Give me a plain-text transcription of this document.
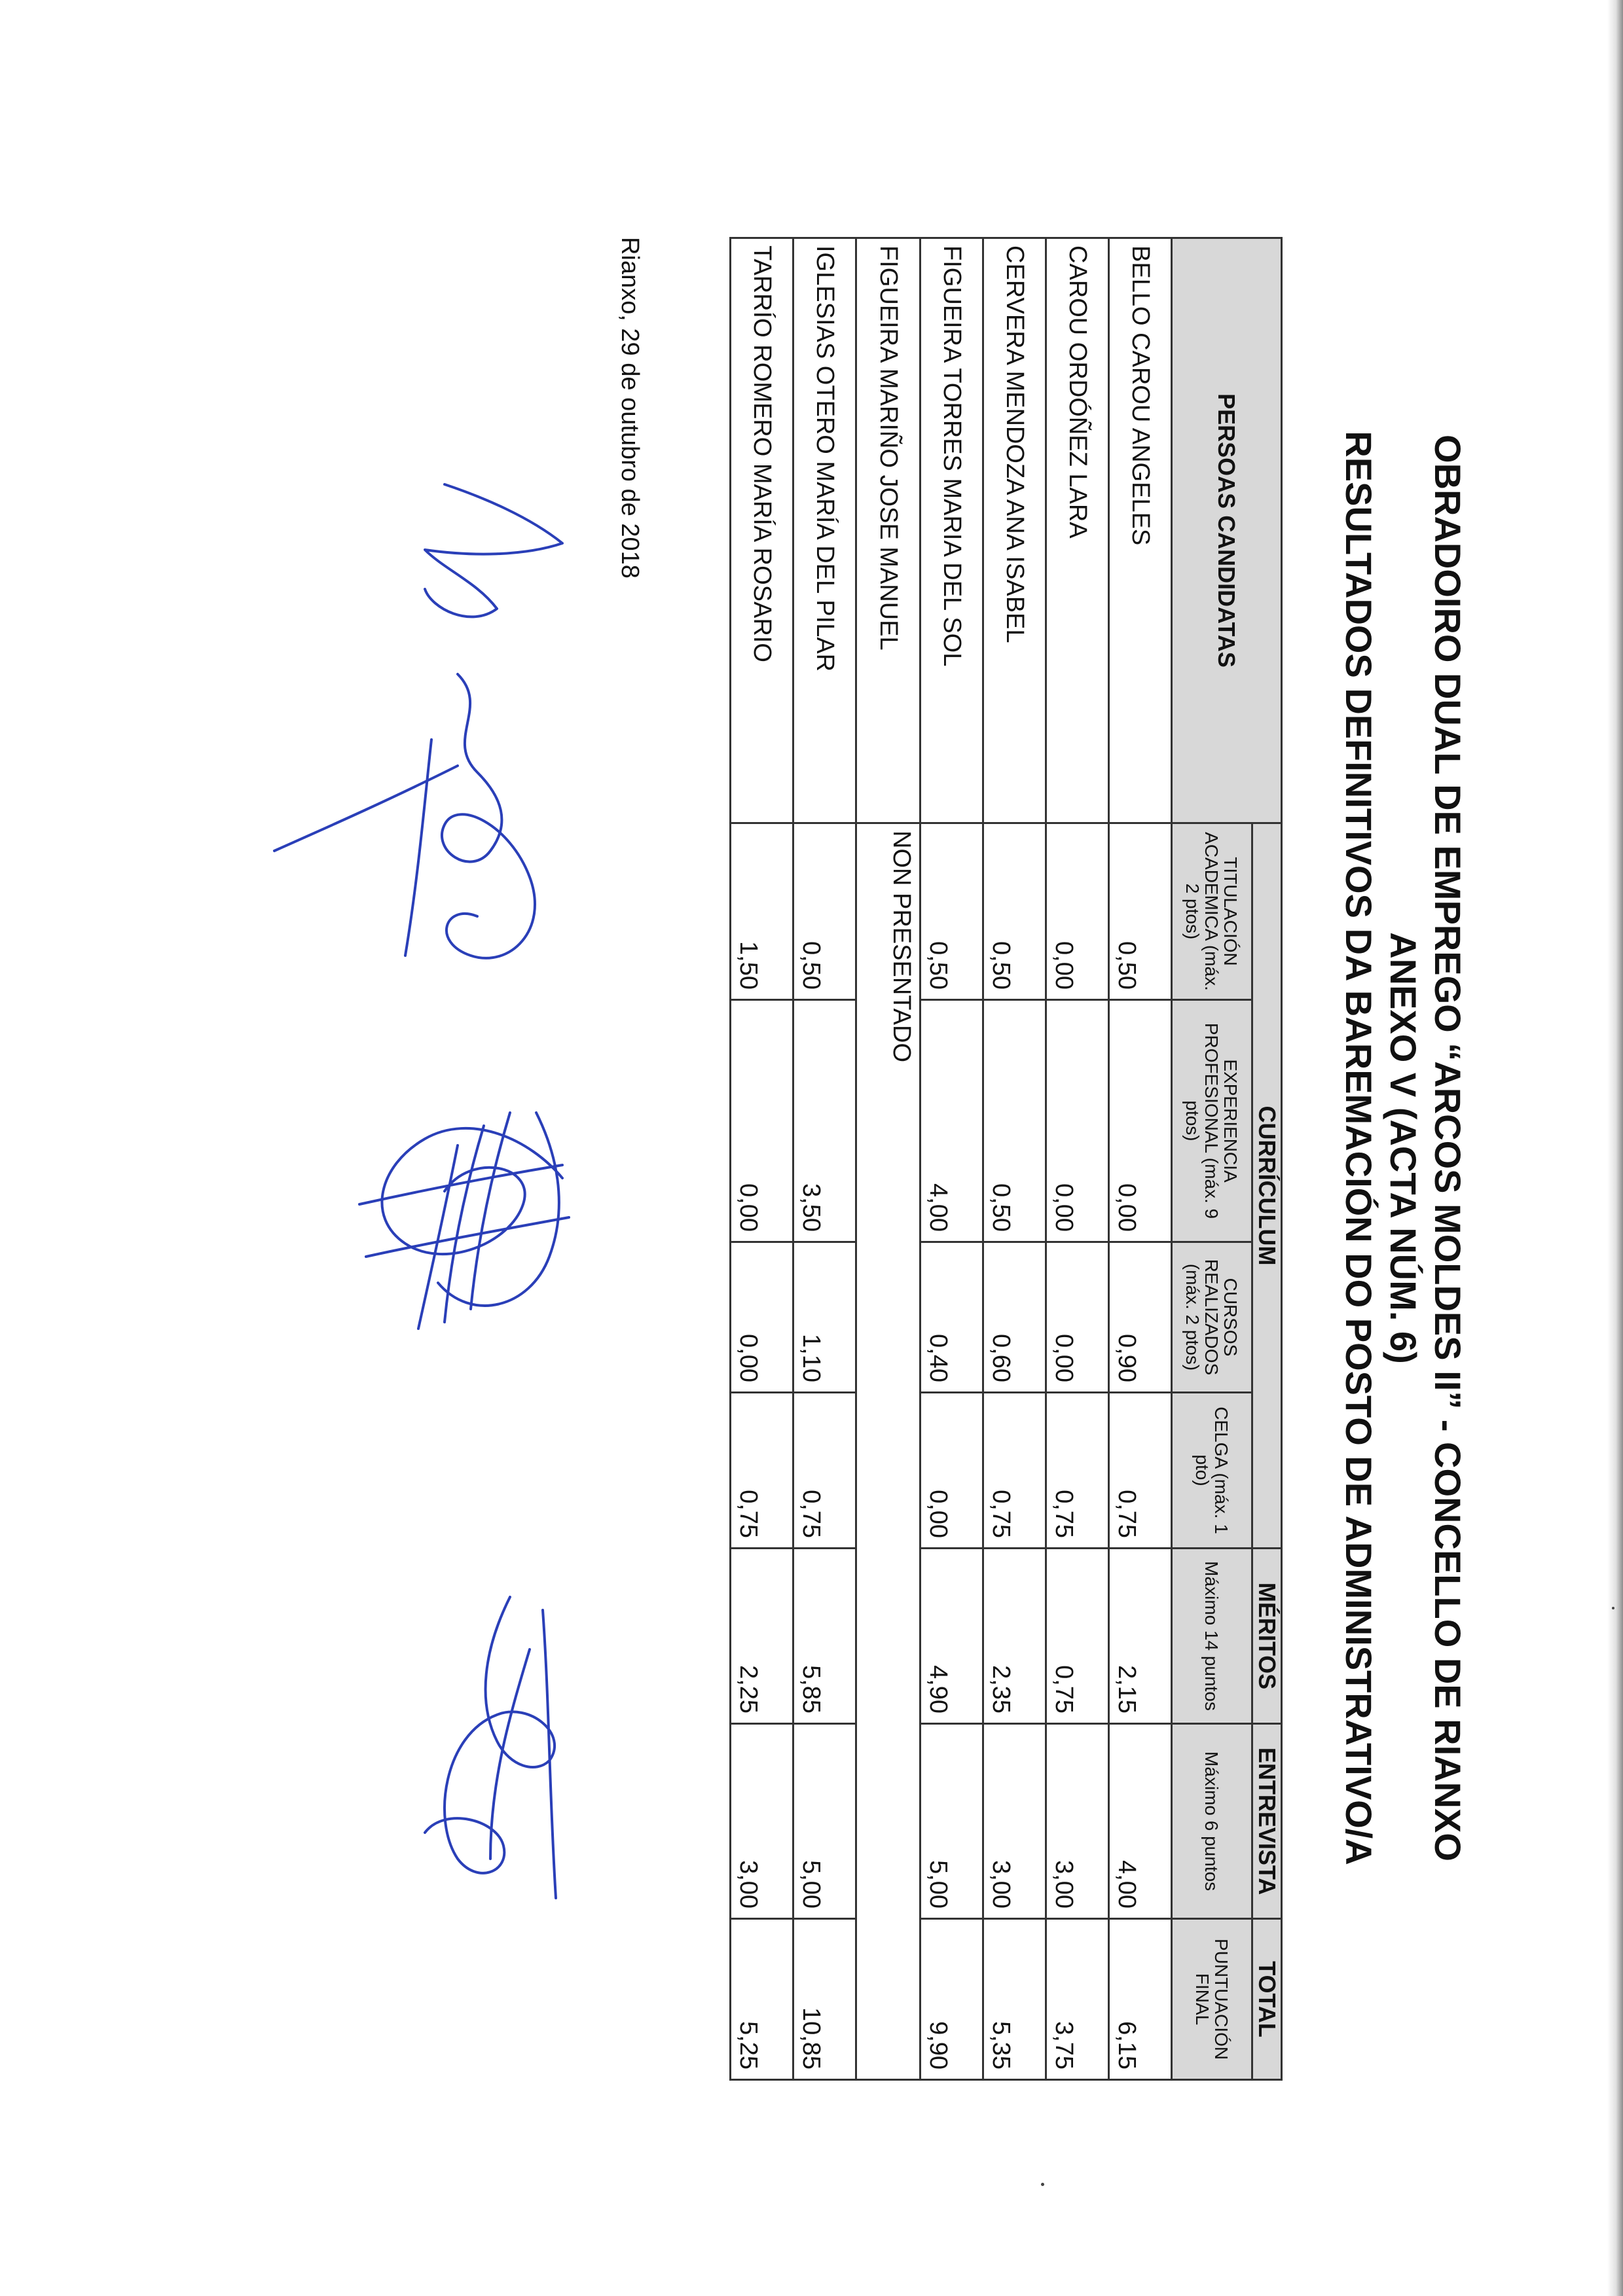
OBRADOIRO DUAL DE EMPREGO “ARCOS MOLDES II” - CONCELLO DE RIANXO
ANEXO V (ACTA NÚM. 6)
RESULTADOS DEFINITIVOS DA BAREMACIÓN DO POSTO DE ADMINISTRATIVO/A
PERSOAS CANDIDATAS	CURRÍCULUM				MÉRITOS	ENTREVISTA	TOTAL
	TITULACIÓN ACADEMICA (máx. 2 ptos)	EXPERIENCIA PROFESIONAL (máx. 9 ptos)	CURSOS REALIZADOS (máx. 2 ptos)	CELGA (máx. 1 pto)	Máximo 14 puntos	Máximo 6 puntos	PUNTUACIÓN FINAL
BELLO CAROU ANGELES	0,50	0,00	0,90	0,75	2,15	4,00	6,15
CAROU ORDÓÑEZ LARA	0,00	0,00	0,00	0,75	0,75	3,00	3,75
CERVERA MENDOZA ANA ISABEL	0,50	0,50	0,60	0,75	2,35	3,00	5,35
FIGUEIRA TORRES MARIA DEL SOL	0,50	4,00	0,40	0,00	4,90	5,00	9,90
FIGUEIRA MARIÑO JOSE MANUEL	NON PRESENTADO						
IGLESIAS OTERO MARÍA DEL PILAR	0,50	3,50	1,10	0,75	5,85	5,00	10,85
TARRÍO ROMERO MARÍA ROSARIO	1,50	0,00	0,00	0,75	2,25	3,00	5,25
Rianxo, 29 de outubro de 2018
